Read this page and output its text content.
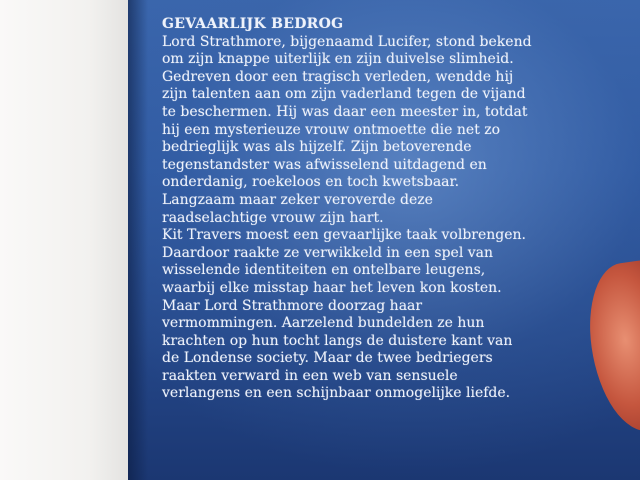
GEVAARLIJK BEDROG
Lord Strathmore, bijgenaamd Lucifer, stond bekend
om zijn knappe uiterlijk en zijn duivelse slimheid.
Gedreven door een tragisch verleden, wendde hij
zijn talenten aan om zijn vaderland tegen de vijand
te beschermen. Hij was daar een meester in, totdat
hij een mysterieuze vrouw ontmoette die net zo
bedrieglijk was als hijzelf. Zijn betoverende
tegenstandster was afwisselend uitdagend en
onderdanig, roekeloos en toch kwetsbaar.
Langzaam maar zeker veroverde deze
raadselachtige vrouw zijn hart.
Kit Travers moest een gevaarlijke taak volbrengen.
Daardoor raakte ze verwikkeld in een spel van
wisselende identiteiten en ontelbare leugens,
waarbij elke misstap haar het leven kon kosten.
Maar Lord Strathmore doorzag haar
vermommingen. Aarzelend bundelden ze hun
krachten op hun tocht langs de duistere kant van
de Londense society. Maar de twee bedriegers
raakten verward in een web van sensuele
verlangens en een schijnbaar onmogelijke liefde.
